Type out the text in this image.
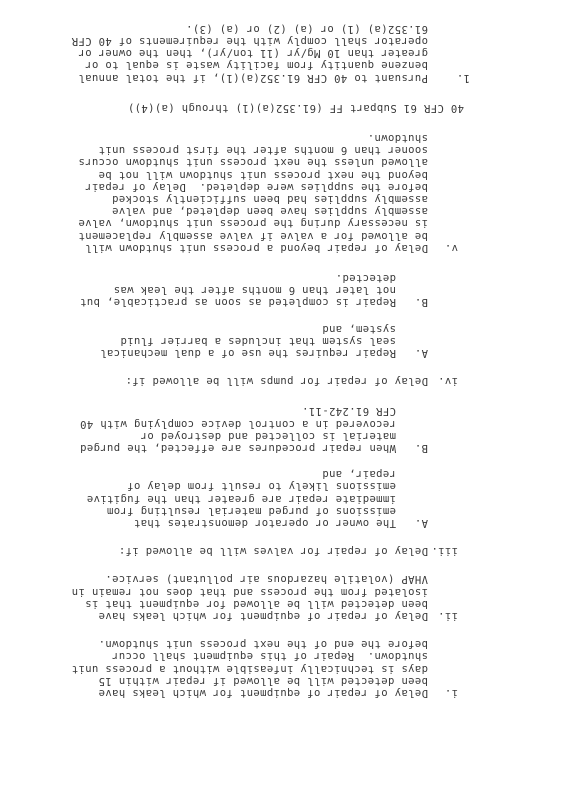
i.
Delay of repair of equipment for which leaks have
been detected will be allowed if repair within 15
days is technically infeasible without a process unit
shutdown.  Repair of this equipment shall occur
before the end of the next process unit shutdown.
ii.
Delay of repair of equipment for which leaks have
been detected will be allowed for equipment that is
isolated from the process and that does not remain in
VHAP (volatile hazardous air pollutant) service.
iii.
Delay of repair for valves will be allowed if:
A.
The owner or operator demonstrates that
emissions of purged material resulting from
immediate repair are greater than the fugitive
emissions likely to result from delay of
repair, and
B.
When repair procedures are effected, the purged
material is collected and destroyed or
recovered in a control device complying with 40
CFR 61.242-11.
iv.
Delay of repair for pumps will be allowed if:
A.
Repair requires the use of a dual mechanical
seal system that includes a barrier fluid
system, and
B.
Repair is completed as soon as practicable, but
not later than 6 months after the leak was
detected.
v.
Delay of repair beyond a process unit shutdown will
be allowed for a valve if valve assembly replacement
is necessary during the process unit shutdown, valve
assembly supplies have been depleted, and valve
assembly supplies had been sufficiently stocked
before the supplies were depleted.  Delay of repair
beyond the next process unit shutdown will not be
allowed unless the next process unit shutdown occurs
sooner than 6 months after the first process unit
shutdown.
40 CFR 61 Subpart FF (61.352(a)(1) through (a)(4))
1.
Pursuant to 40 CFR 61.352(a)(1), if the total annual
benzene quantity from facility waste is equal to or
greater than 10 Mg/yr (11 ton/yr), then the owner or
operator shall comply with the requirements of 40 CFR
61.352(a) (1) or (a) (2) or (a) (3).
